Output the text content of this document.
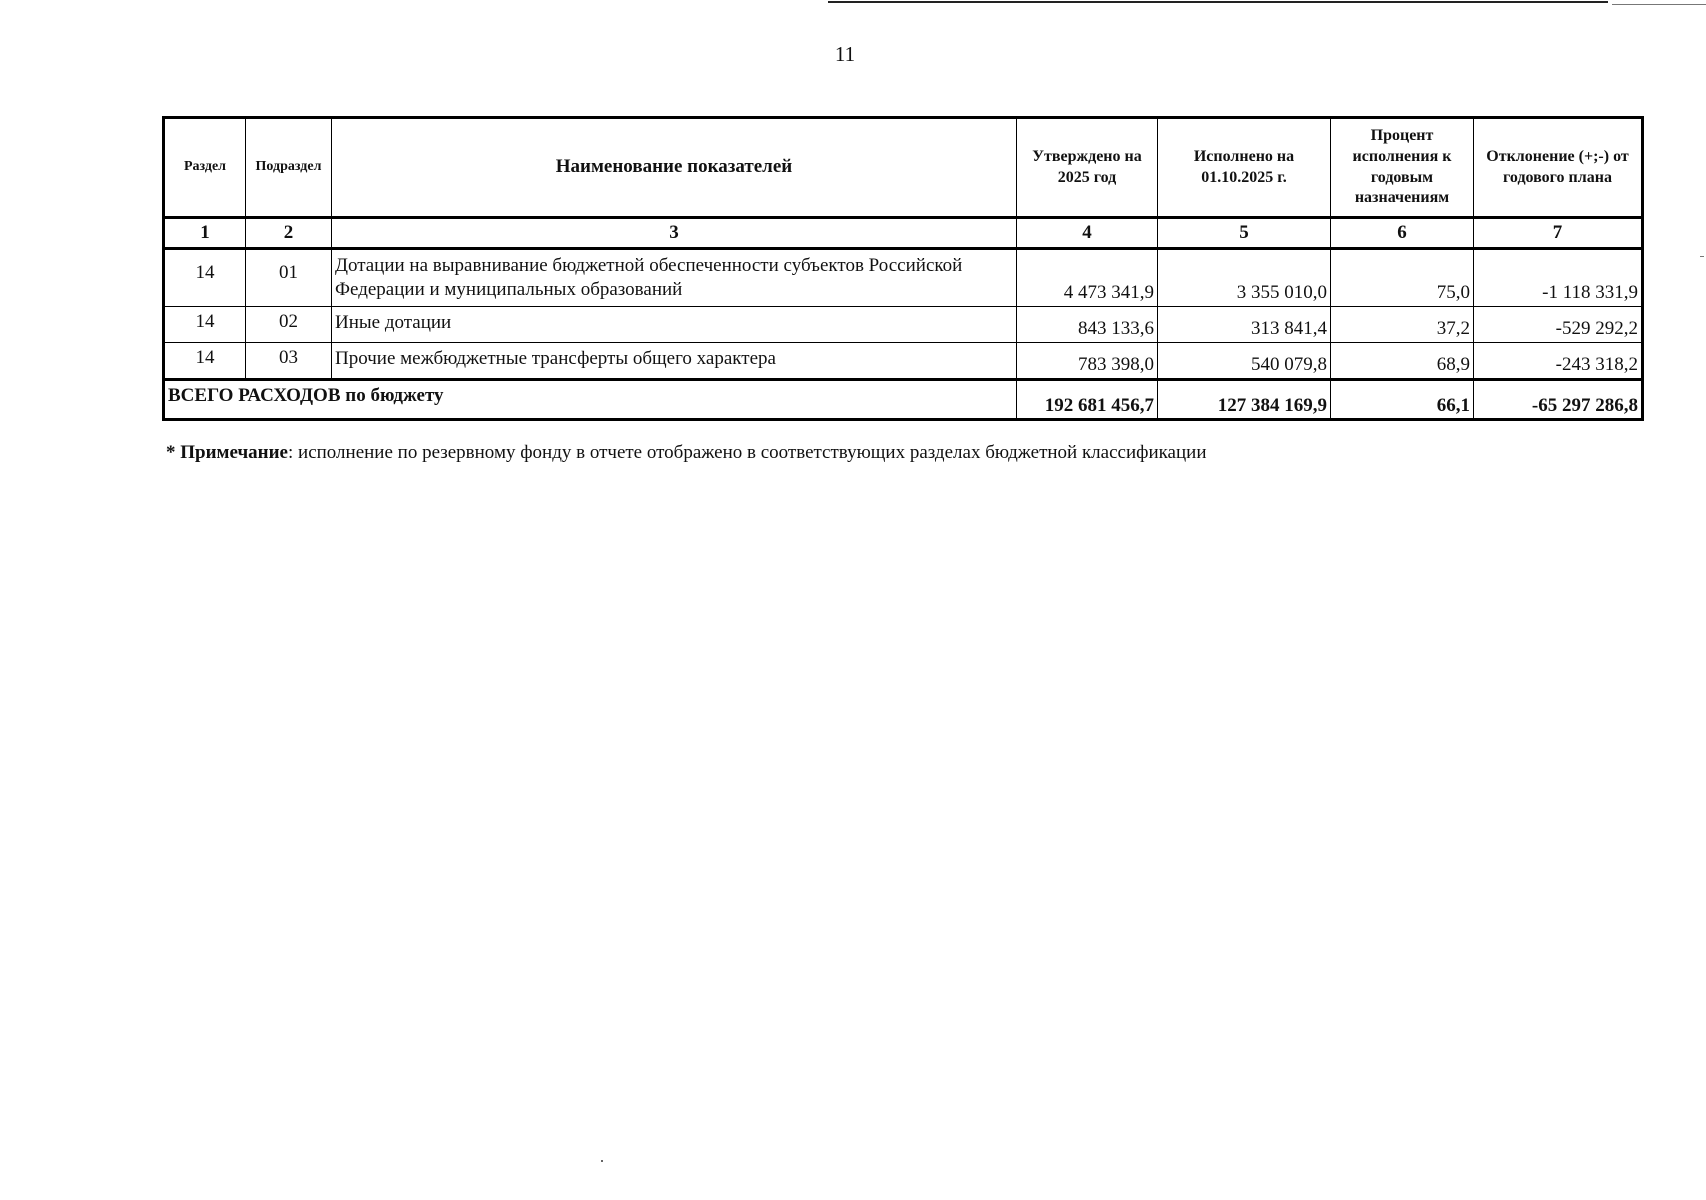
11
Раздел	Подраздел	Наименование показателей	Утверждено на 2025 год	Исполнено на 01.10.2025 г.	Процент исполнения к годовым назначениям	Отклонение (+;-) от годового плана
1	2	3	4	5	6	7
14	01	Дотации на выравнивание бюджетной обеспеченности субъектов Российской Федерации и муниципальных образований	4 473 341,9	3 355 010,0	75,0	-1 118 331,9
14	02	Иные дотации	843 133,6	313 841,4	37,2	-529 292,2
14	03	Прочие межбюджетные трансферты общего характера	783 398,0	540 079,8	68,9	-243 318,2
ВСЕГО РАСХОДОВ по бюджету			192 681 456,7	127 384 169,9	66,1	-65 297 286,8
* Примечание: исполнение по резервному фонду в отчете отображено в соответствующих разделах бюджетной классификации
